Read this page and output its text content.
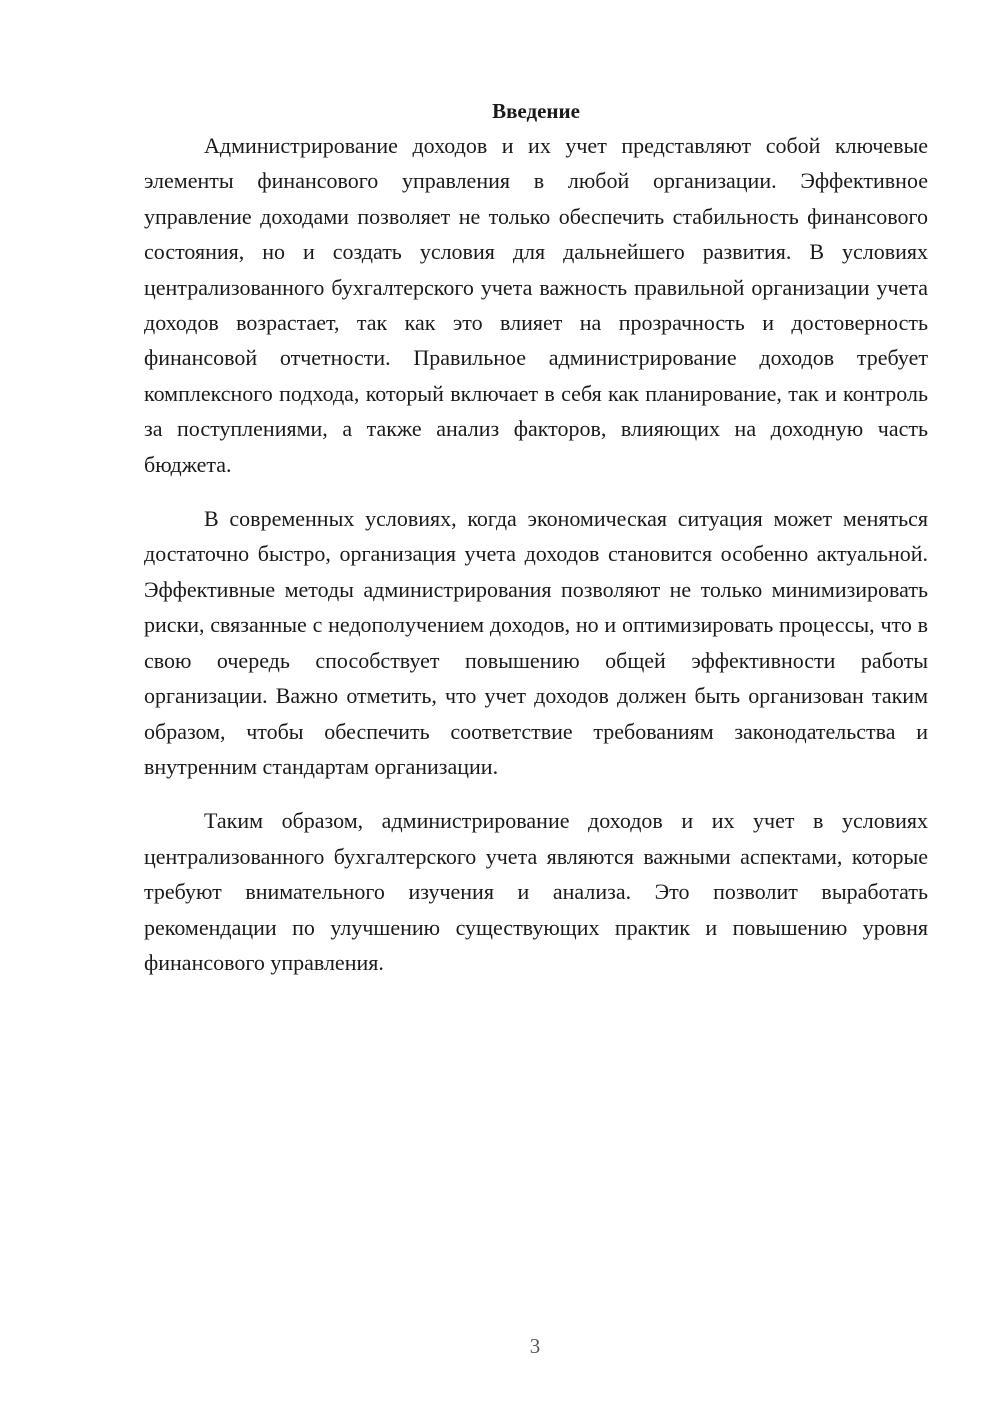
Введение

Администрирование доходов и их учет представляют собой ключевые элементы финансового управления в любой организации. Эффективное управление доходами позволяет не только обеспечить стабильность финансового состояния, но и создать условия для дальнейшего развития. В условиях централизованного бухгалтерского учета важность правильной организации учета доходов возрастает, так как это влияет на прозрачность и достоверность финансовой отчетности. Правильное администрирование доходов требует комплексного подхода, который включает в себя как планирование, так и контроль за поступлениями, а также анализ факторов, влияющих на доходную часть бюджета.

В современных условиях, когда экономическая ситуация может меняться достаточно быстро, организация учета доходов становится особенно актуальной. Эффективные методы администрирования позволяют не только минимизировать риски, связанные с недополучением доходов, но и оптимизировать процессы, что в свою очередь способствует повышению общей эффективности работы организации. Важно отметить, что учет доходов должен быть организован таким образом, чтобы обеспечить соответствие требованиям законодательства и внутренним стандартам организации.

Таким образом, администрирование доходов и их учет в условиях централизованного бухгалтерского учета являются важными аспектами, которые требуют внимательного изучения и анализа. Это позволит выработать рекомендации по улучшению существующих практик и повышению уровня финансового управления.

3
